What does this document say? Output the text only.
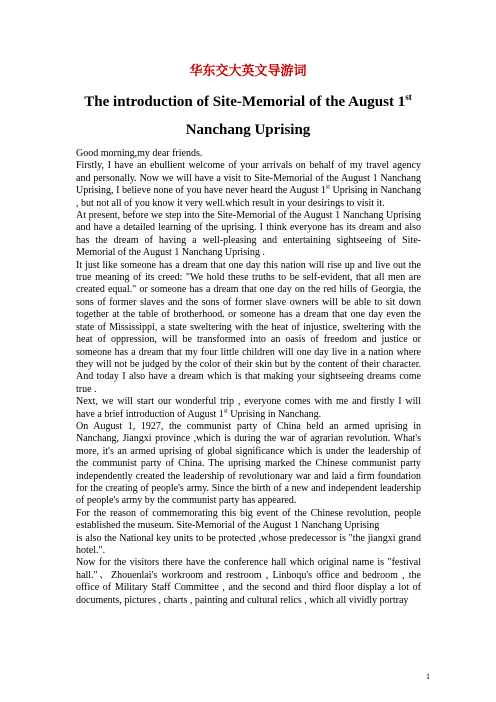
华东交大英文导游词
The introduction of Site-Memorial of the August 1st
Nanchang Uprising

Good morning,my dear friends.

Firstly, I have an ebullient welcome of your arrivals on behalf of my travel agency and personally. Now we will have a visit to Site-Memorial of the August 1 Nanchang Uprising, I believe none of you have never heard the August 1st Uprising in Nanchang , but not all of you know it very well.which result in your desirings to visit it.

At present, before we step into the Site-Memorial of the August 1 Nanchang Uprising and have a detailed learning of the uprising. I think everyone has its dream and also has the dream of having a well-pleasing and entertaining sightseeing of Site-Memorial of the August 1 Nanchang Uprising .

It just like someone has a dream that one day this nation will rise up and live out the true meaning of its creed: "We hold these truths to be self-evident, that all men are created equal." or someone has a dream that one day on the red hills of Georgia, the sons of former slaves and the sons of former slave owners will be able to sit down together at the table of brotherhood. or someone has a dream that one day even the state of Mississippi, a state sweltering with the heat of injustice, sweltering with the heat of oppression, will be transformed into an oasis of freedom and justice or someone has a dream that my four little children will one day live in a nation where they will not be judged by the color of their skin but by the content of their character. And today I also have a dream which is that making your sightseeing dreams come true .

Next, we will start our wonderful trip , everyone comes with me and firstly I will have a brief introduction of August 1st Uprising in Nanchang.

On August 1, 1927, the communist party of China held an armed uprising in Nanchang, Jiangxi province ,which is during the war of agrarian revolution. What's more, it's an armed uprising of global significance which is under the leadership of the communist party of China. The uprising marked the Chinese communist party independently created the leadership of revolutionary war and laid a firm foundation for the creating of people's army. Since the birth of a new and independent leadership of people's army by the communist party has appeared.

For the reason of commemorating this big event of the Chinese revolution, people established the museum. Site-Memorial of the August 1 Nanchang Uprising

is also the National key units to be protected ,whose predecessor is "the jiangxi grand hotel.".

Now for the visitors there have the conference hall which original name is "festival hall."、Zhouenlai's workroom and restroom , Linboqu's office and bedroom , the office of Military Staff Committee , and the second and third floor display a lot of documents, pictures , charts , painting and cultural relics , which all vividly portray

1
